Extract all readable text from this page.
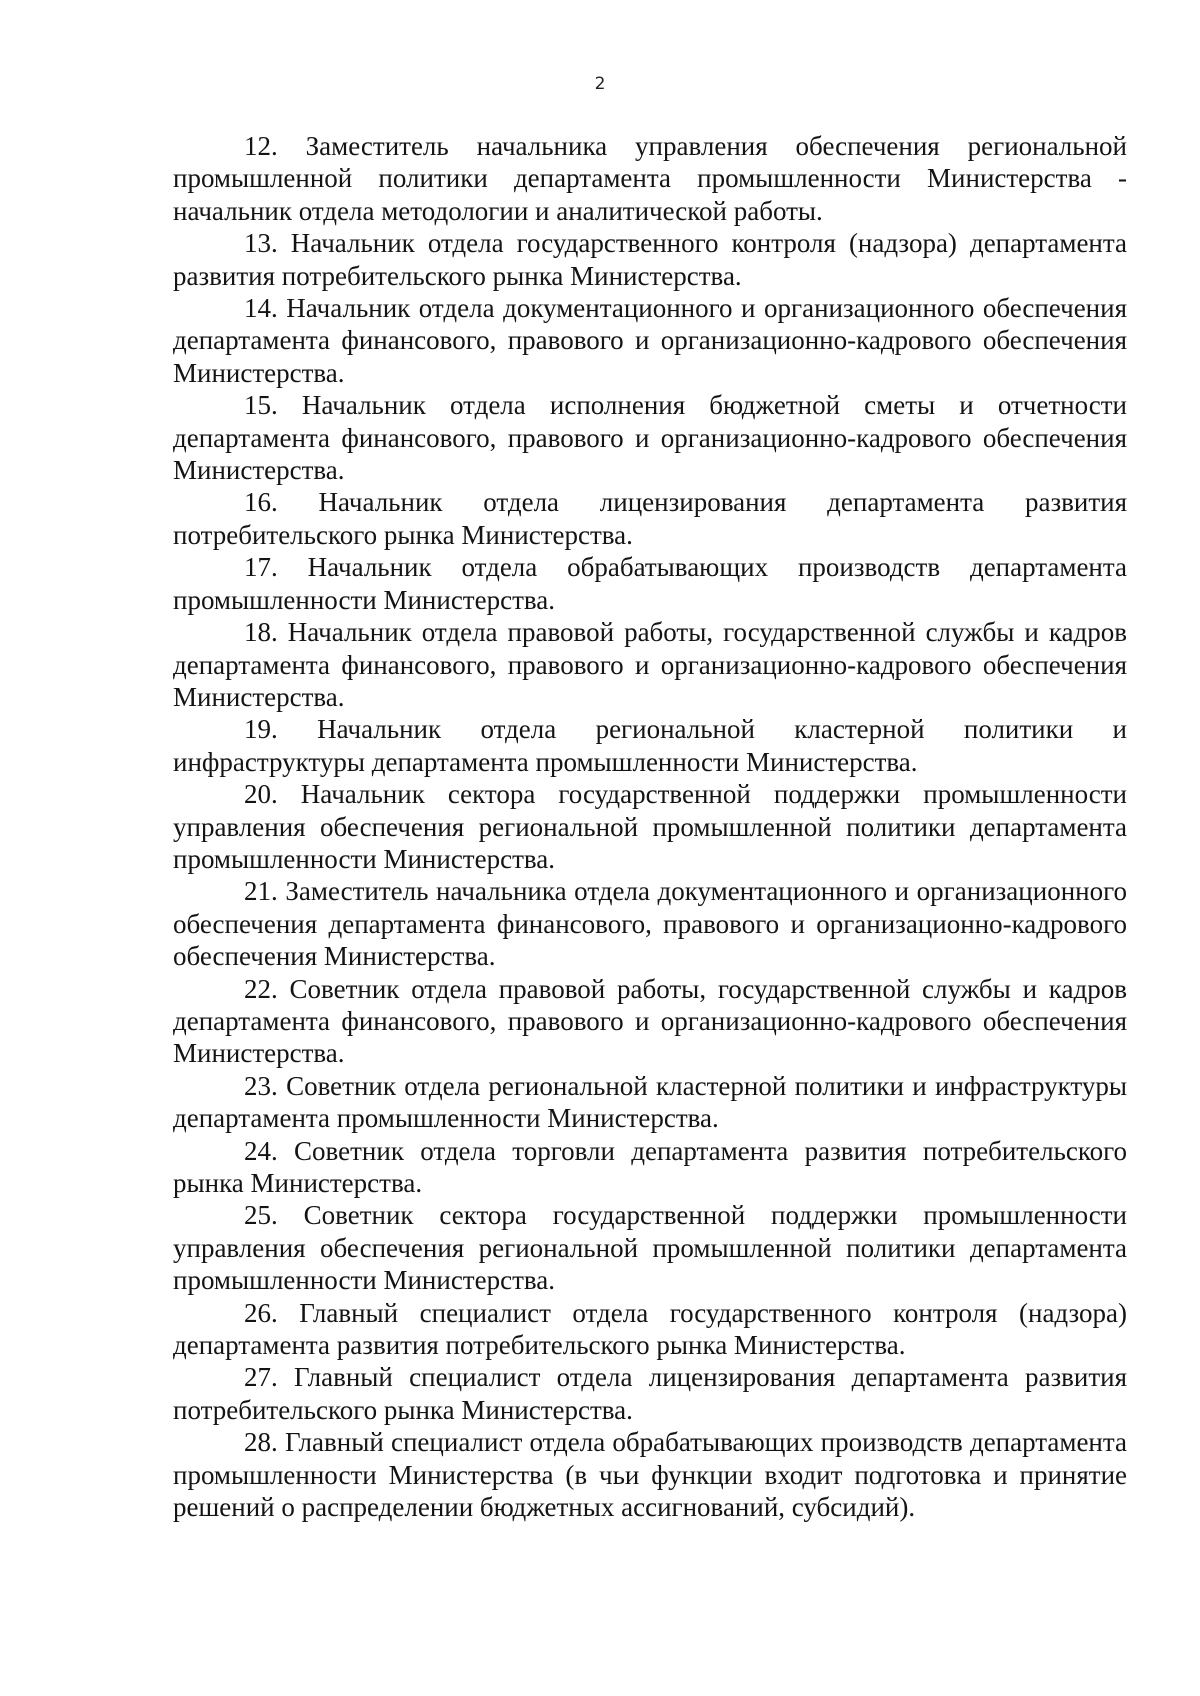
2

12. Заместитель начальника управления обеспечения региональной промышленной политики департамента промышленности Министерства - начальник отдела методологии и аналитической работы.

13. Начальник отдела государственного контроля (надзора) департамента развития потребительского рынка Министерства.

14. Начальник отдела документационного и организационного обеспечения департамента финансового, правового и организационно-кадрового обеспечения Министерства.

15. Начальник отдела исполнения бюджетной сметы и отчетности департамента финансового, правового и организационно-кадрового обеспечения Министерства.

16. Начальник отдела лицензирования департамента развития потребительского рынка Министерства.

17. Начальник отдела обрабатывающих производств департамента промышленности Министерства.

18. Начальник отдела правовой работы, государственной службы и кадров департамента финансового, правового и организационно-кадрового обеспечения Министерства.

19. Начальник отдела региональной кластерной политики и инфраструктуры департамента промышленности Министерства.

20. Начальник сектора государственной поддержки промышленности управления обеспечения региональной промышленной политики департамента промышленности Министерства.

21. Заместитель начальника отдела документационного и организационного обеспечения департамента финансового, правового и организационно-кадрового обеспечения Министерства.

22. Советник отдела правовой работы, государственной службы и кадров департамента финансового, правового и организационно-кадрового обеспечения Министерства.

23. Советник отдела региональной кластерной политики и инфраструктуры департамента промышленности Министерства.

24. Советник отдела торговли департамента развития потребительского рынка Министерства.

25. Советник сектора государственной поддержки промышленности управления обеспечения региональной промышленной политики департамента промышленности Министерства.

26. Главный специалист отдела государственного контроля (надзора) департамента развития потребительского рынка Министерства.

27. Главный специалист отдела лицензирования департамента развития потребительского рынка Министерства.

28. Главный специалист отдела обрабатывающих производств департамента промышленности Министерства (в чьи функции входит подготовка и принятие решений о распределении бюджетных ассигнований, субсидий).
